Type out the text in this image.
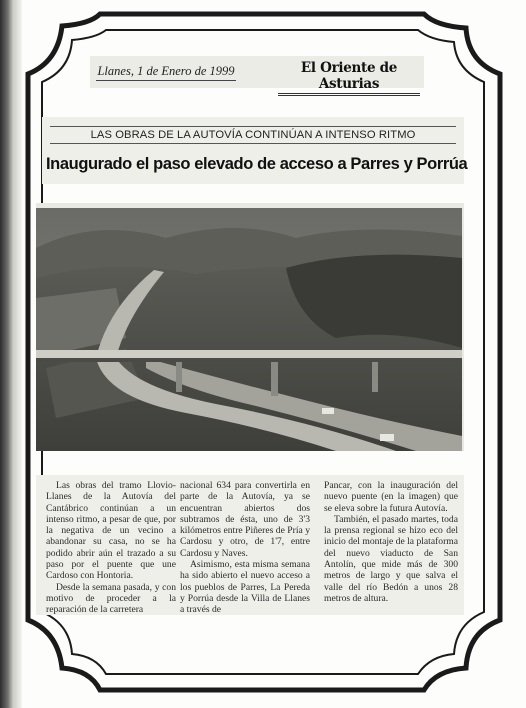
Llanes, 1 de Enero de 1999	El Oriente de Asturias
LAS OBRAS DE LA AUTOVÍA CONTINÚAN A INTENSO RITMO
Inaugurado el paso elevado de acceso a Parres y Porrúa

Las obras del tramo Llovio-Llanes de la Autovía del Cantábrico continúan a un intenso ritmo, a pesar de que, por la negativa de un vecino a abandonar su casa, no se ha podido abrir aún el trazado a su paso por el puente que une Cardoso con Hontoria.

Desde la semana pasada, y con motivo de proceder a la reparación de la carretera

nacional 634 para convertirla en parte de la Autovía, ya se encuentran abiertos dos subtramos de ésta, uno de 3'3 kilómetros entre Piñeres de Pría y Cardosu y otro, de 1'7, entre Cardosu y Naves.

Asimismo, esta misma semana ha sido abierto el nuevo acceso a los pueblos de Parres, La Pereda y Porrúa desde la Villa de Llanes a través de

Pancar, con la inauguración del nuevo puente (en la imagen) que se eleva sobre la futura Autovía.

También, el pasado martes, toda la prensa regional se hizo eco del inicio del montaje de la plataforma del nuevo viaducto de San Antolín, que mide más de 300 metros de largo y que salva el valle del río Bedón a unos 28 metros de altura.
